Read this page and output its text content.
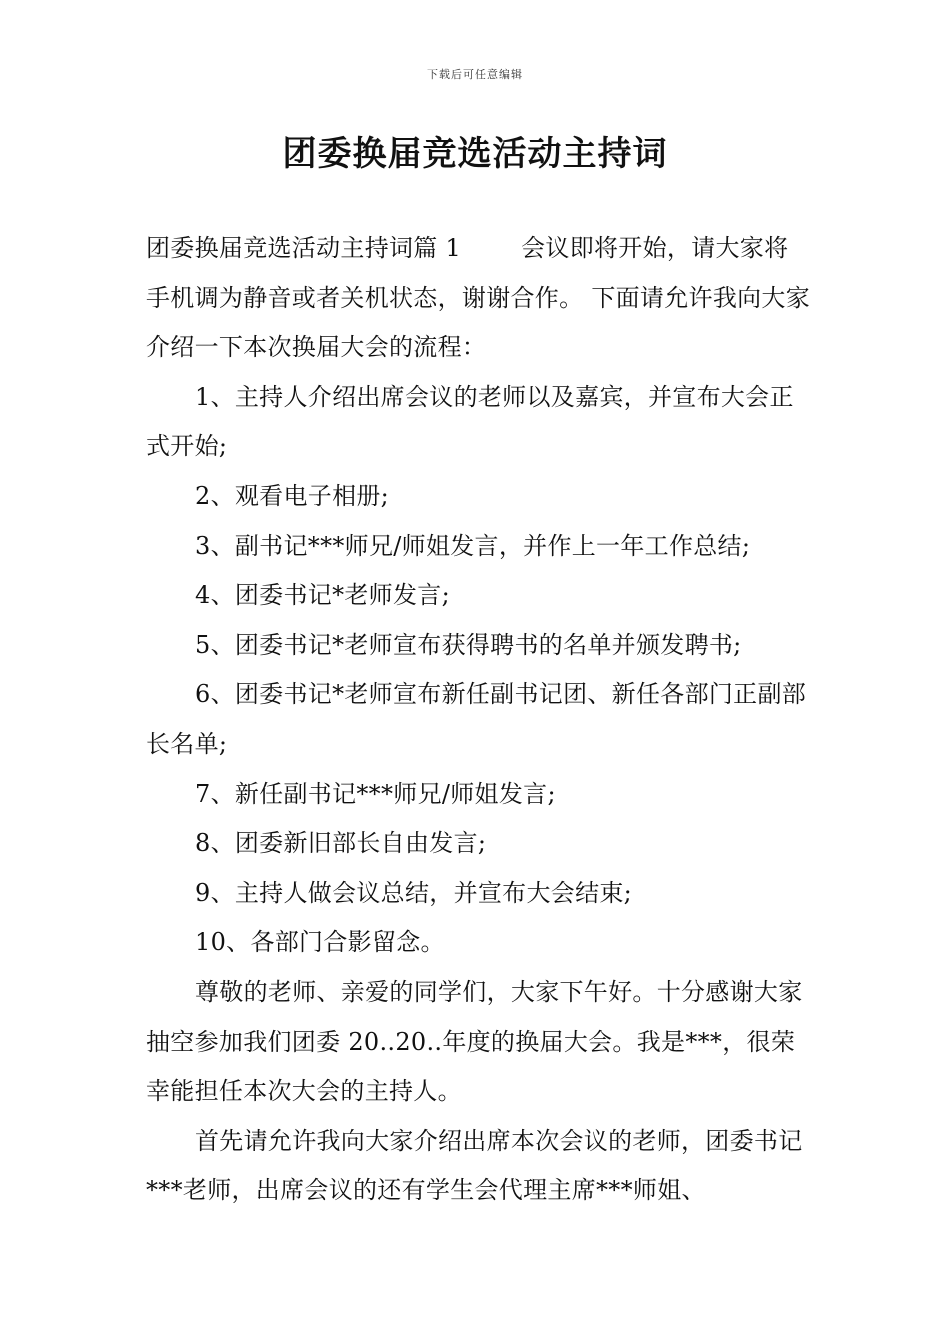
下载后可任意编辑
团委换届竞选活动主持词

团委换届竞选活动主持词篇 1	会议即将开始，请大家将手机调为静音或者关机状态，谢谢合作。 下面请允许我向大家介绍一下本次换届大会的流程：

1、主持人介绍出席会议的老师以及嘉宾，并宣布大会正式开始;

2、观看电子相册;

3、副书记***师兄/师姐发言，并作上一年工作总结;

4、团委书记*老师发言;

5、团委书记*老师宣布获得聘书的名单并颁发聘书;

6、团委书记*老师宣布新任副书记团、新任各部门正副部长名单;

7、新任副书记***师兄/师姐发言;

8、团委新旧部长自由发言;

9、主持人做会议总结，并宣布大会结束;

10、各部门合影留念。

尊敬的老师、亲爱的同学们，大家下午好。十分感谢大家抽空参加我们团委 20..20..年度的换届大会。我是***，很荣幸能担任本次大会的主持人。

首先请允许我向大家介绍出席本次会议的老师，团委书记***老师，出席会议的还有学生会代理主席***师姐、
